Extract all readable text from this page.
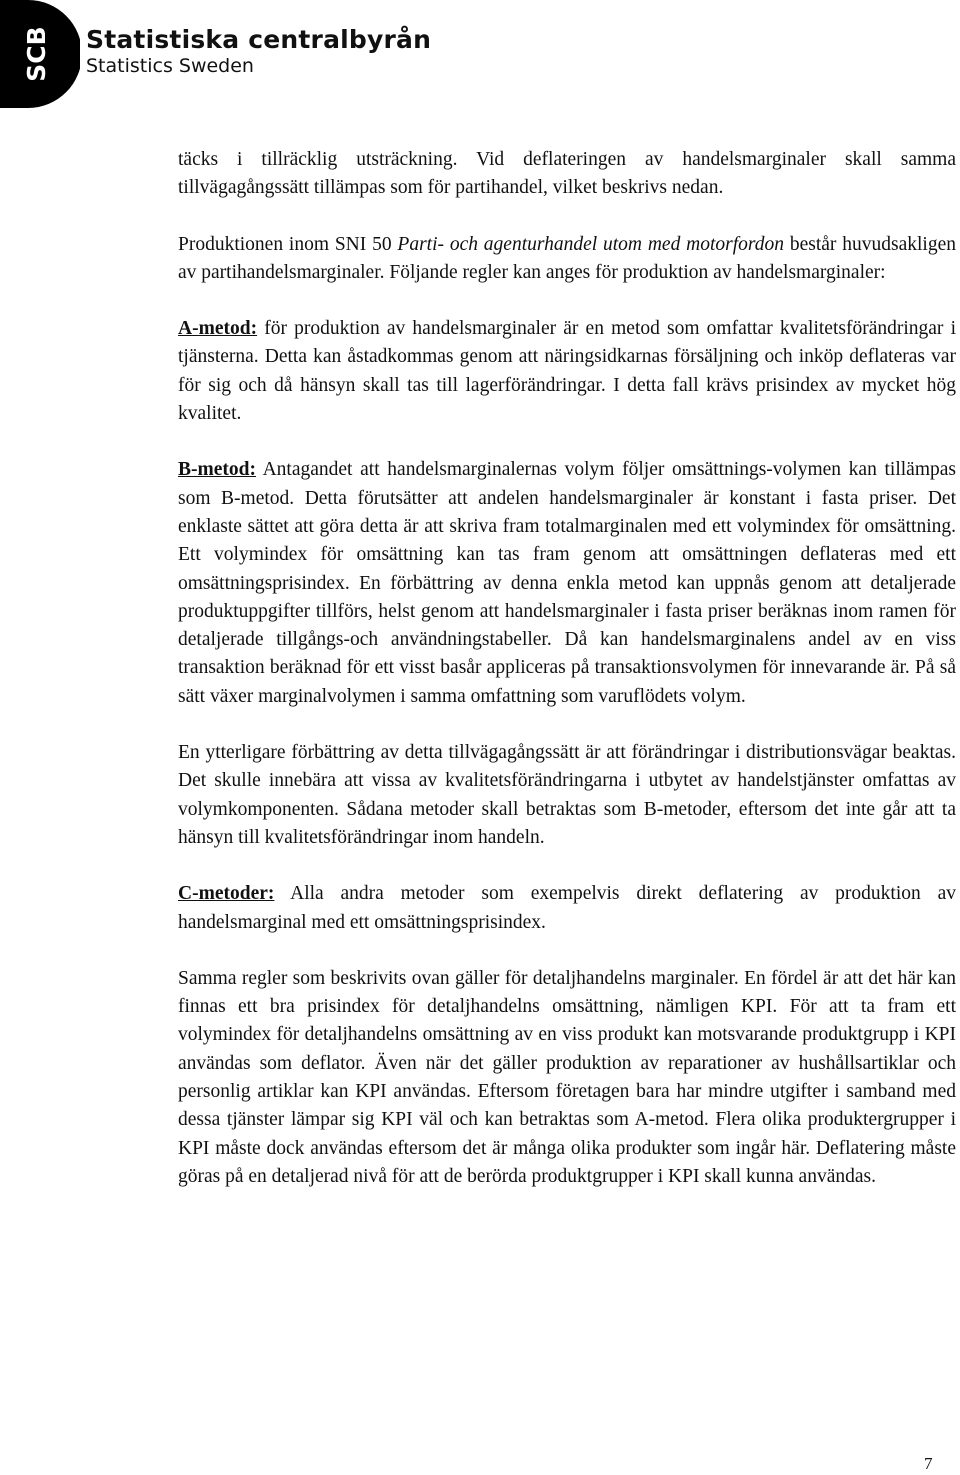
SCB Statistiska centralbyrån
Statistics Sweden

täcks i tillräcklig utsträckning. Vid deflateringen av handelsmarginaler skall samma tillvägagångssätt tillämpas som för partihandel, vilket beskrivs nedan.

Produktionen inom SNI 50 Parti- och agenturhandel utom med motorfordon består huvudsakligen av partihandelsmarginaler. Följande regler kan anges för produktion av handelsmarginaler:

A-metod: för produktion av handelsmarginaler är en metod som omfattar kvalitetsförändringar i tjänsterna. Detta kan åstadkommas genom att näringsidkarnas försäljning och inköp deflateras var för sig och då hänsyn skall tas till lagerförändringar. I detta fall krävs prisindex av mycket hög kvalitet.

B-metod: Antagandet att handelsmarginalernas volym följer omsättnings-volymen kan tillämpas som B-metod. Detta förutsätter att andelen handelsmarginaler är konstant i fasta priser. Det enklaste sättet att göra detta är att skriva fram totalmarginalen med ett volymindex för omsättning. Ett volymindex för omsättning kan tas fram genom att omsättningen deflateras med ett omsättningsprisindex. En förbättring av denna enkla metod kan uppnås genom att detaljerade produktuppgifter tillförs, helst genom att handelsmarginaler i fasta priser beräknas inom ramen för detaljerade tillgångs-och användningstabeller. Då kan handelsmarginalens andel av en viss transaktion beräknad för ett visst basår appliceras på transaktionsvolymen för innevarande är. På så sätt växer marginalvolymen i samma omfattning som varuflödets volym.

En ytterligare förbättring av detta tillvägagångssätt är att förändringar i distributionsvägar beaktas. Det skulle innebära att vissa av kvalitetsförändringarna i utbytet av handelstjänster omfattas av volymkomponenten. Sådana metoder skall betraktas som B-metoder, eftersom det inte går att ta hänsyn till kvalitetsförändringar inom handeln.

C-metoder: Alla andra metoder som exempelvis direkt deflatering av produktion av handelsmarginal med ett omsättningsprisindex.

Samma regler som beskrivits ovan gäller för detaljhandelns marginaler. En fördel är att det här kan finnas ett bra prisindex för detaljhandelns omsättning, nämligen KPI. För att ta fram ett volymindex för detaljhandelns omsättning av en viss produkt kan motsvarande produktgrupp i KPI användas som deflator. Även när det gäller produktion av reparationer av hushållsartiklar och personlig artiklar kan KPI användas. Eftersom företagen bara har mindre utgifter i samband med dessa tjänster lämpar sig KPI väl och kan betraktas som A-metod. Flera olika produktergrupper i KPI måste dock användas eftersom det är många olika produkter som ingår här. Deflatering måste göras på en detaljerad nivå för att de berörda produktgrupper i KPI skall kunna användas.

7
